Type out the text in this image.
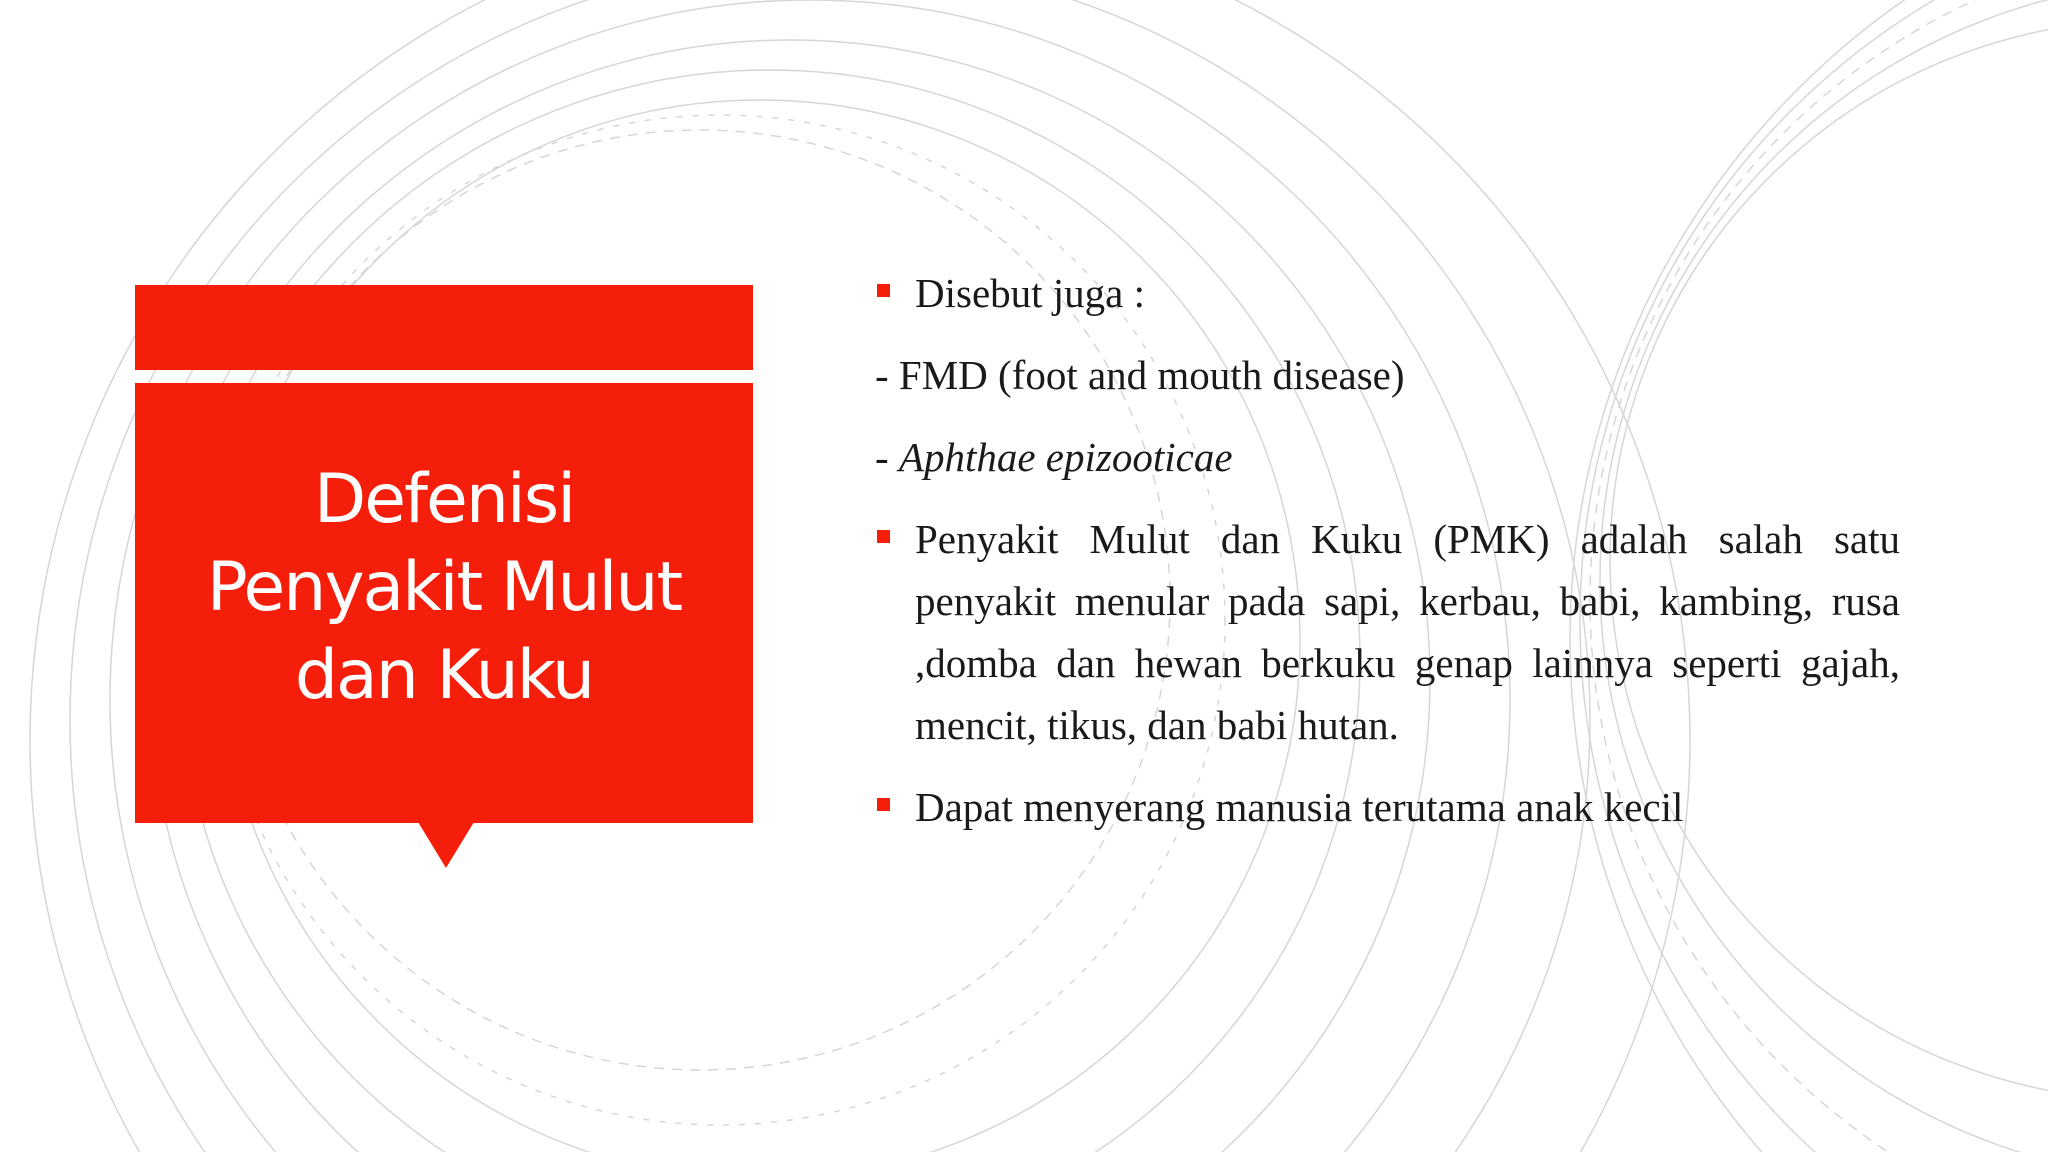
Defenisi
Penyakit Mulut
dan Kuku

Disebut juga :

- FMD (foot and mouth disease)

- Aphthae epizooticae

Penyakit Mulut dan Kuku (PMK) adalah salah satu penyakit menular pada sapi, kerbau, babi, kambing, rusa ,domba dan hewan berkuku genap lainnya seperti gajah, mencit, tikus, dan babi hutan.

Dapat menyerang manusia terutama anak kecil
